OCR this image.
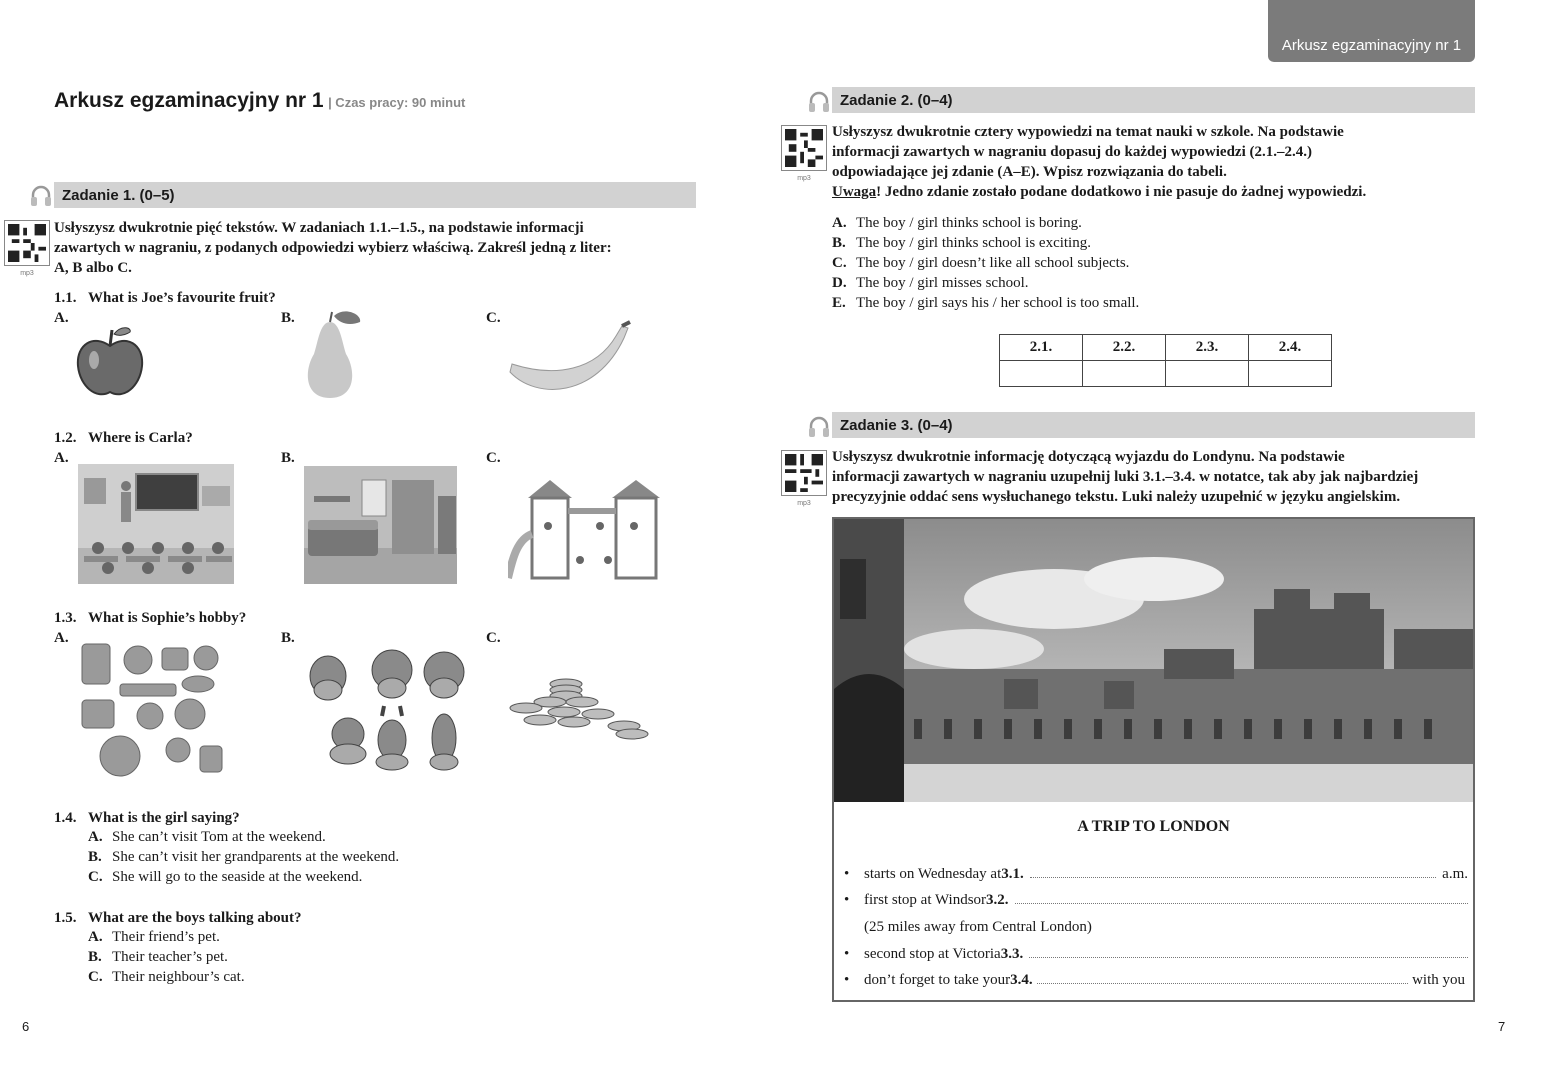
Arkusz egzaminacyjny nr 1
Arkusz egzaminacyjny nr 1 | Czas pracy: 90 minut
Zadanie 1. (0–5)
mp3
Usłyszysz dwukrotnie pięć tekstów. W zadaniach 1.1.–1.5., na podstawie informacji
zawartych w nagraniu, z podanych odpowiedzi wybierz właściwą. Zakreśl jedną z liter:
A, B albo C.
1.1. What is Joe’s favourite fruit?
A.	B.	C.
1.2. Where is Carla?
A.	B.	C.
1.3. What is Sophie’s hobby?
A.	B.	C.
1.4. What is the girl saying?
A. She can’t visit Tom at the weekend.
B. She can’t visit her grandparents at the weekend.
C. She will go to the seaside at the weekend.
1.5. What are the boys talking about?
A. Their friend’s pet.
B. Their teacher’s pet.
C. Their neighbour’s cat.
6
Zadanie 2. (0–4)
mp3
Usłyszysz dwukrotnie cztery wypowiedzi na temat nauki w szkole. Na podstawie
informacji zawartych w nagraniu dopasuj do każdej wypowiedzi (2.1.–2.4.)
odpowiadające jej zdanie (A–E). Wpisz rozwiązania do tabeli.
Uwaga! Jedno zdanie zostało podane dodatkowo i nie pasuje do żadnej wypowiedzi.
A. The boy / girl thinks school is boring.
B. The boy / girl thinks school is exciting.
C. The boy / girl doesn’t like all school subjects.
D. The boy / girl misses school.
E. The boy / girl says his / her school is too small.
2.1.	2.2.	2.3.	2.4.

Zadanie 3. (0–4)
mp3
Usłyszysz dwukrotnie informację dotyczącą wyjazdu do Londynu. Na podstawie
informacji zawartych w nagraniu uzupełnij luki 3.1.–3.4. w notatce, tak aby jak najbardziej
precyzyjnie oddać sens wysłuchanego tekstu. Luki należy uzupełnić w języku angielskim.
A TRIP TO LONDON
• starts on Wednesday at 3.1.	a.m.
• first stop at Windsor 3.2.
(25 miles away from Central London)
• second stop at Victoria 3.3.
• don’t forget to take your 3.4.	with you
7
